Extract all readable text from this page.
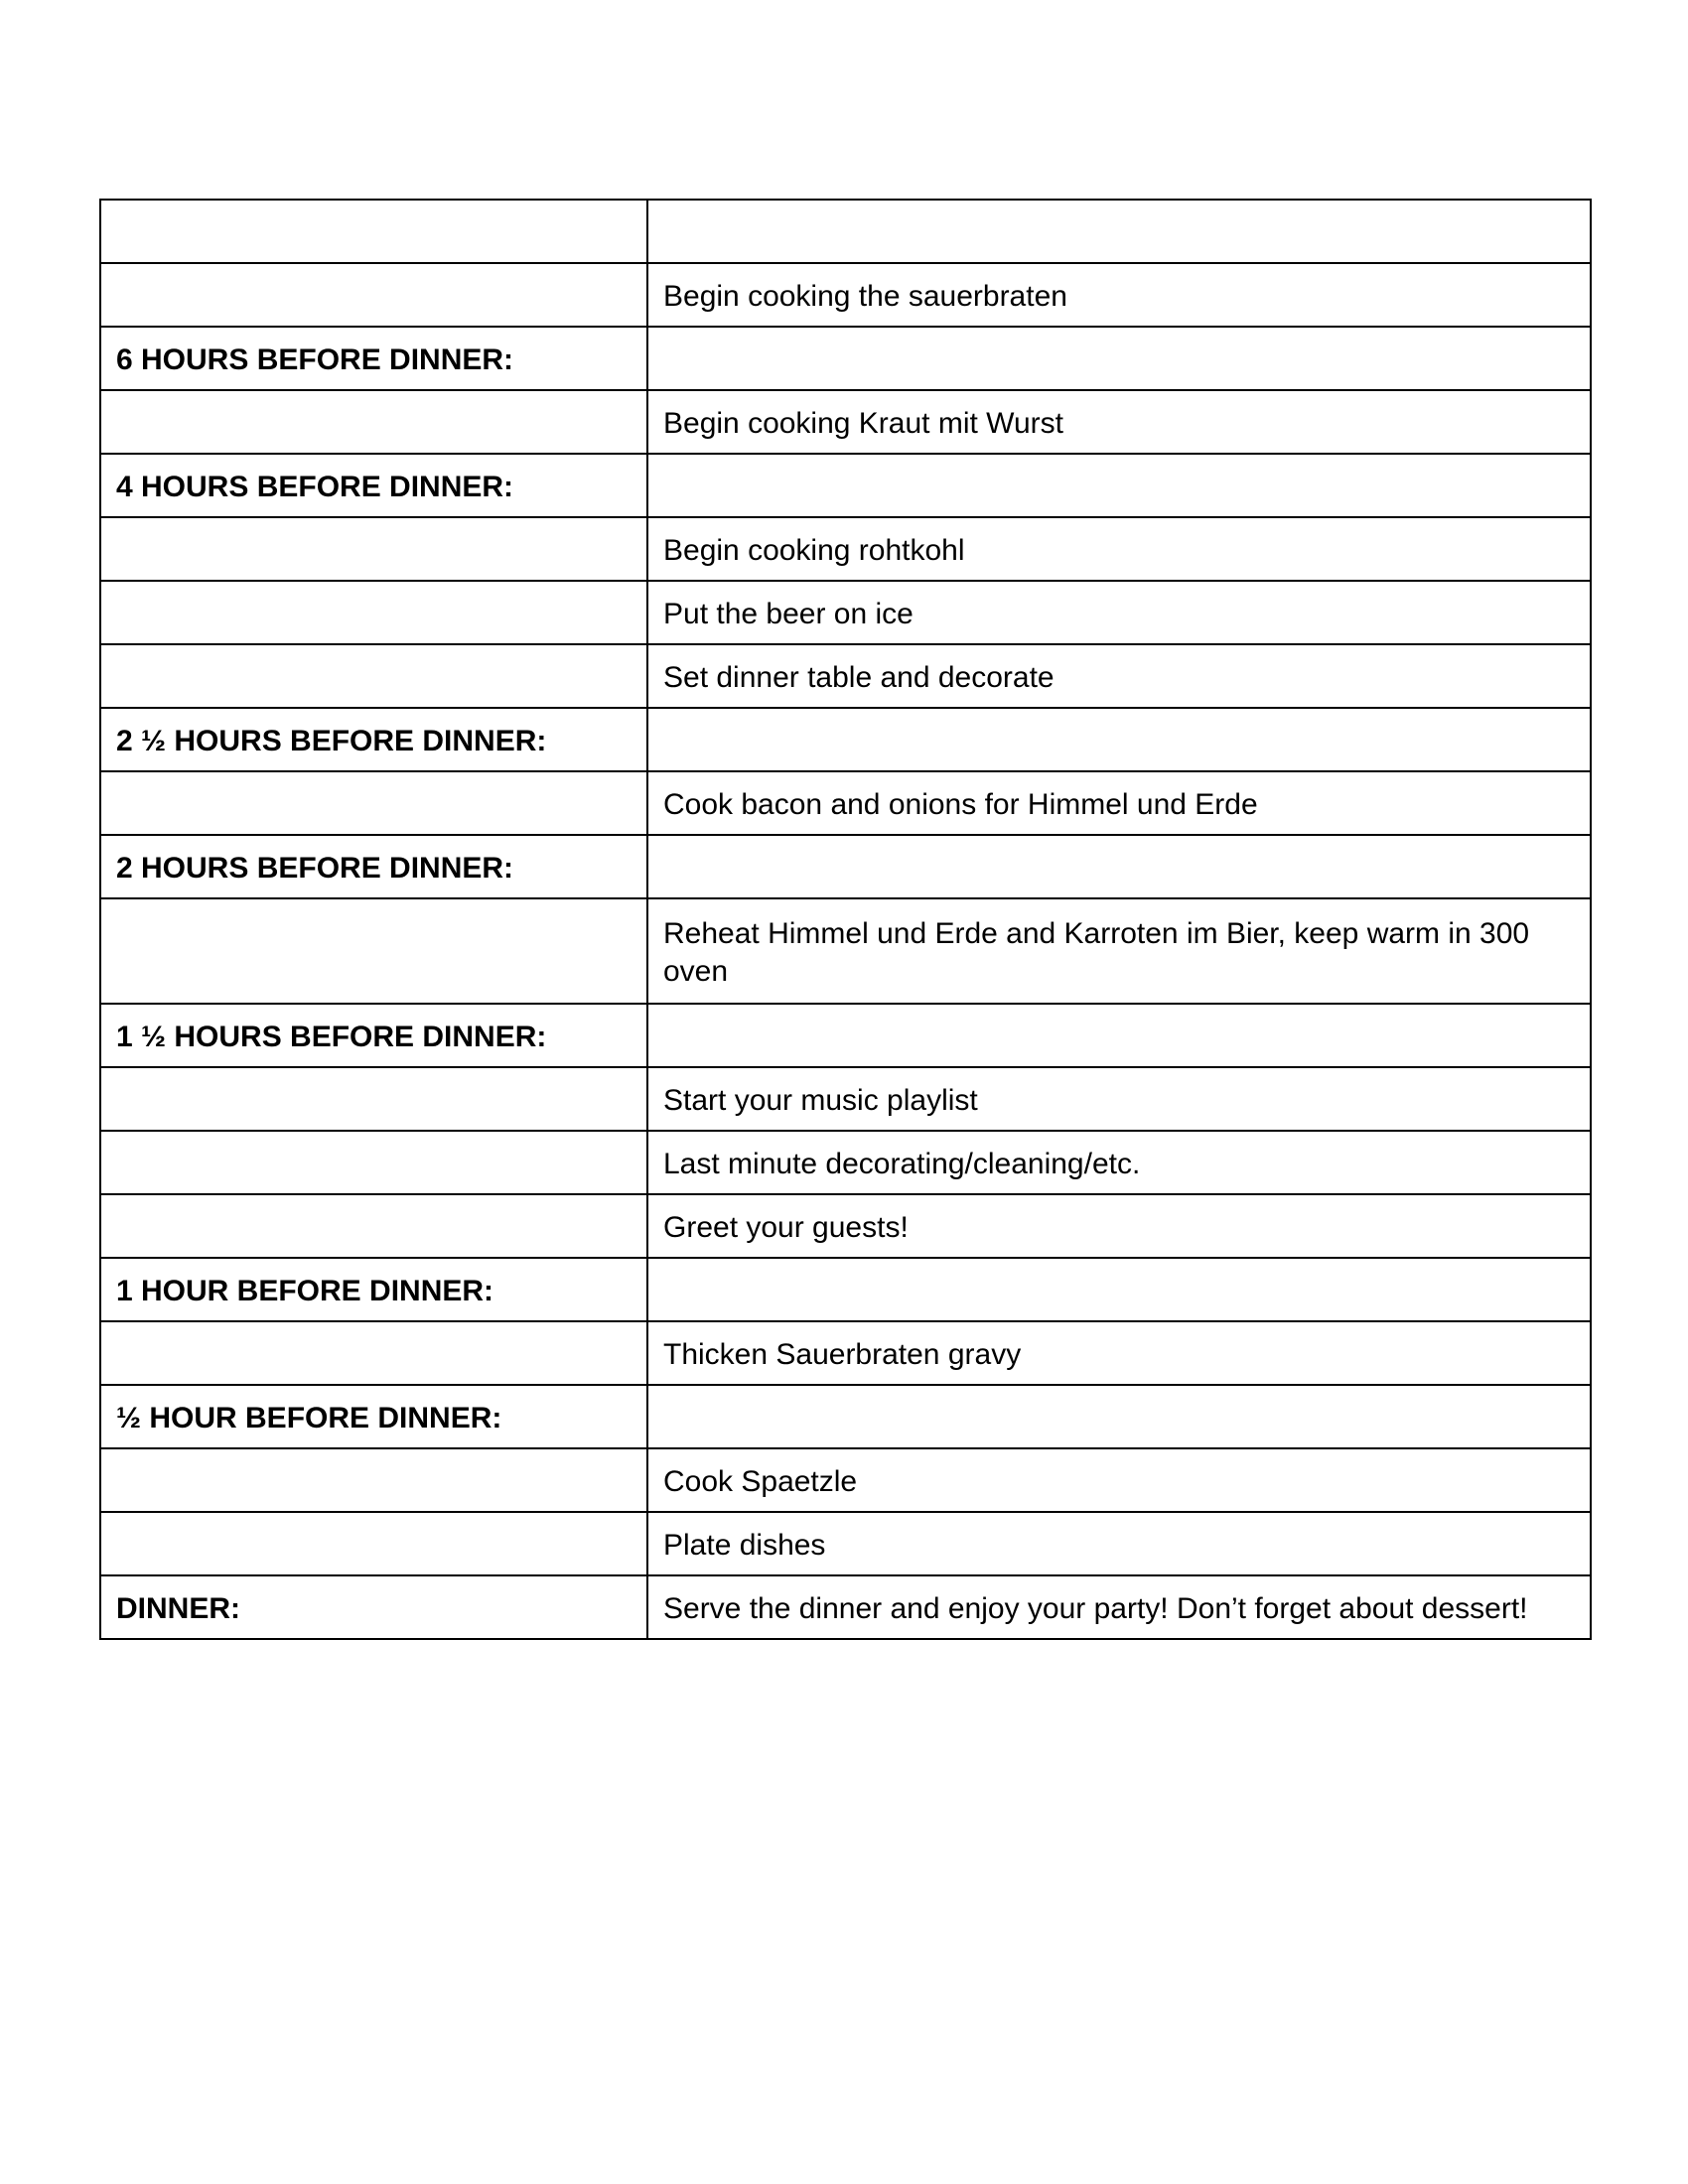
	Begin cooking the sauerbraten
6 HOURS BEFORE DINNER:	
	Begin cooking Kraut mit Wurst
4 HOURS BEFORE DINNER:	
	Begin cooking rohtkohl
	Put the beer on ice
	Set dinner table and decorate
2 ½ HOURS BEFORE DINNER:	
	Cook bacon and onions for Himmel und Erde
2 HOURS BEFORE DINNER:	
	Reheat Himmel und Erde and Karroten im Bier, keep warm in 300 oven
1 ½ HOURS BEFORE DINNER:	
	Start your music playlist
	Last minute decorating/cleaning/etc.
	Greet your guests!
1 HOUR BEFORE DINNER:	
	Thicken Sauerbraten gravy
½ HOUR BEFORE DINNER:	
	Cook Spaetzle
	Plate dishes
DINNER:	Serve the dinner and enjoy your party! Don’t forget about dessert!
